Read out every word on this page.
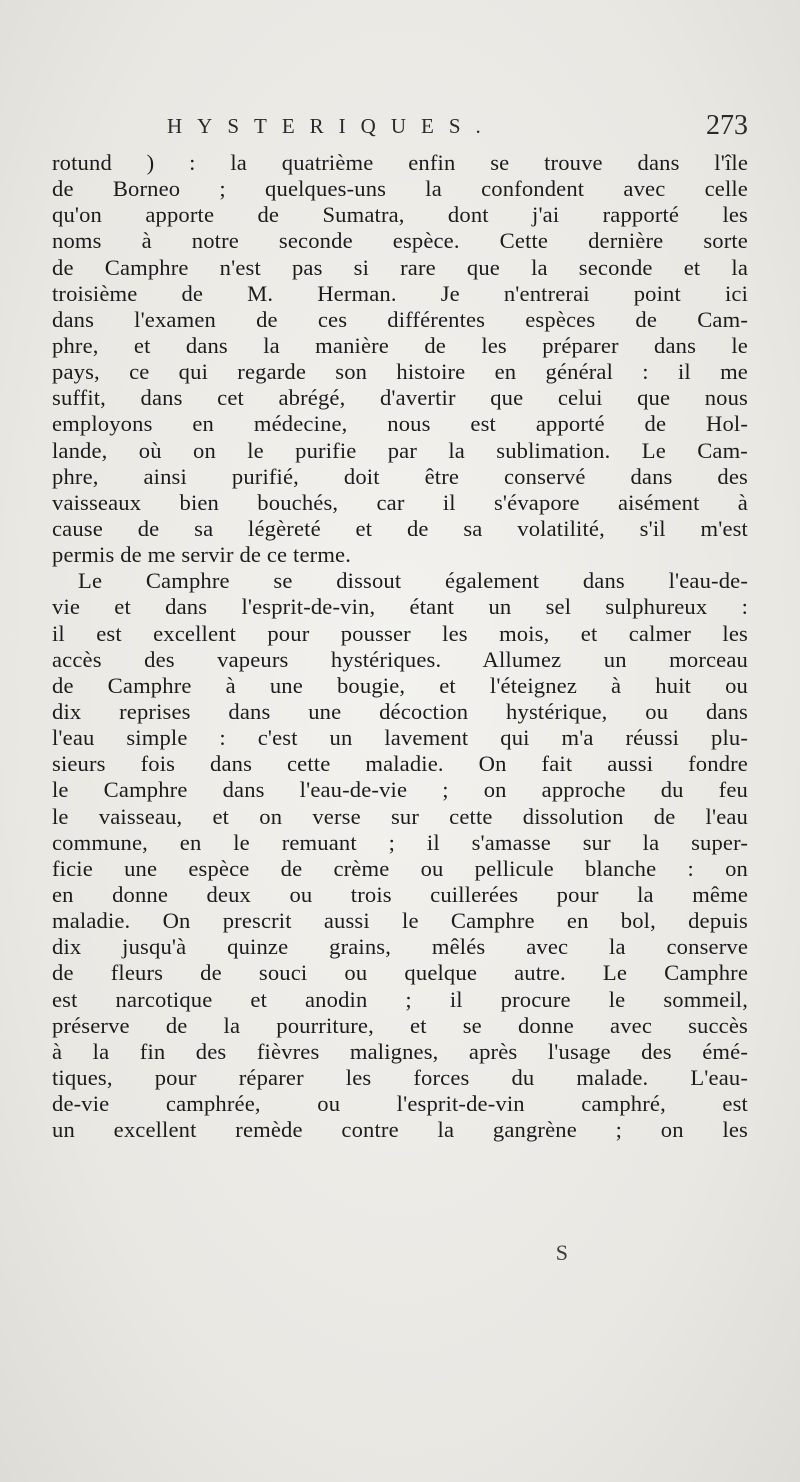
HYSTERIQUES.	273
rotund⁠ ) : la quatrième enfin se trouve dans l'île
de Borneo ; quelques-uns la confondent avec celle
qu'on apporte de Sumatra, dont j'ai rapporté les
noms à notre seconde espèce. Cette dernière sorte
de Camphre n'est pas si rare que la seconde et la
troisième de M. Herman. Je n'entrerai point ici
dans l'examen de ces différentes espèces de Cam-
phre, et dans la manière de les préparer dans le
pays, ce qui regarde son histoire en général : il me
suffit, dans cet abrégé, d'avertir que celui que nous
employons en médecine, nous est apporté de Hol-
lande, où on le purifie par la sublimation. Le Cam-
phre, ainsi purifié, doit être conservé dans des
vaisseaux bien bouchés, car il s'évapore aisément à
cause de sa légèreté et de sa volatilité, s'il m'est
permis de me servir de ce terme.
Le Camphre se dissout également dans l'eau-de-
vie et dans l'esprit-de-vin, étant un sel sulphureux :
il est excellent pour pousser les mois, et calmer les
accès des vapeurs hystériques. Allumez un morceau
de Camphre à une bougie, et l'éteignez à huit ou
dix reprises dans une décoction hystérique, ou dans
l'eau simple : c'est un lavement qui m'a réussi plu-
sieurs fois dans cette maladie. On fait aussi fondre
le Camphre dans l'eau-de-vie ; on approche du feu
le vaisseau, et on verse sur cette dissolution de l'eau
commune, en le remuant ; il s'amasse sur la super-
ficie une espèce de crème ou pellicule blanche : on
en donne deux ou trois cuillerées pour la même
maladie. On prescrit aussi le Camphre en bol, depuis
dix jusqu'à quinze grains, mêlés avec la conserve
de fleurs de souci ou quelque autre. Le Camphre
est narcotique et anodin ; il procure le sommeil,
préserve de la pourriture, et se donne avec succès
à la fin des fièvres malignes, après l'usage des émé-
tiques, pour réparer les forces du malade. L'eau-
de-vie camphrée, ou l'esprit-de-vin camphré, est
un excellent remède contre la gangrène ; on les
S
